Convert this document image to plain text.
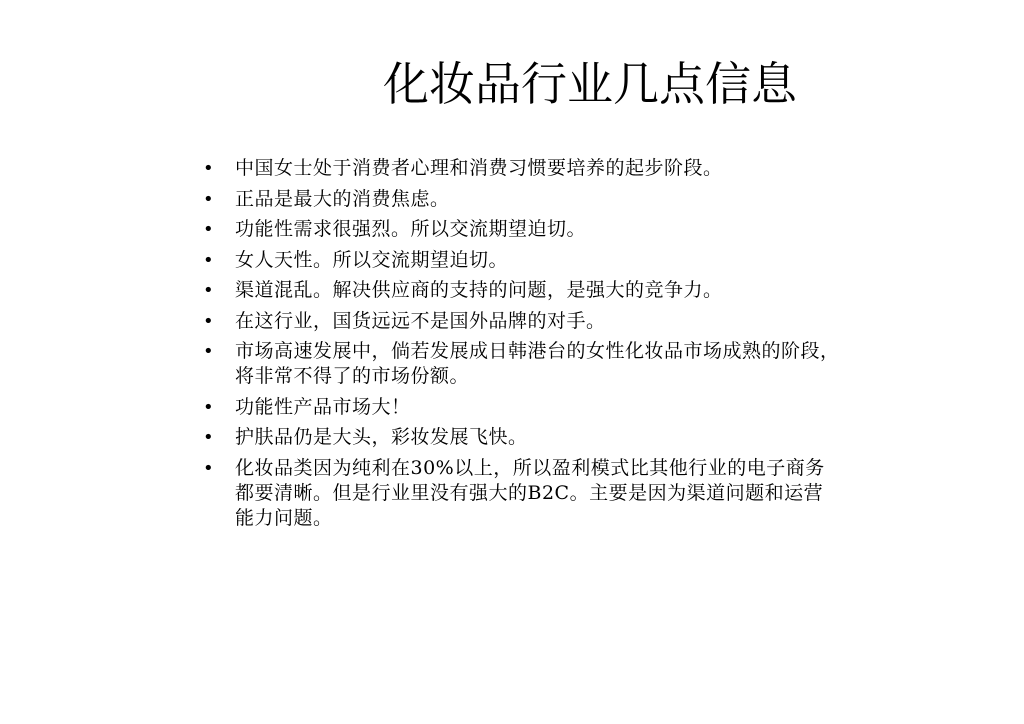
化妆品行业几点信息
•	中国女士处于消费者心理和消费习惯要培养的起步阶段。
•	正品是最大的消费焦虑。
•	功能性需求很强烈。所以交流期望迫切。
•	女人天性。所以交流期望迫切。
•	渠道混乱。解决供应商的支持的问题，是强大的竞争力。
•	在这行业，国货远远不是国外品牌的对手。
•	市场高速发展中，倘若发展成日韩港台的女性化妆品市场成熟的阶段，
将非常不得了的市场份额。
•	功能性产品市场大！
•	护肤品仍是大头，彩妆发展飞快。
•	化妆品类因为纯利在30%以上，所以盈利模式比其他行业的电子商务
都要清晰。但是行业里没有强大的B2C。主要是因为渠道问题和运营
能力问题。
